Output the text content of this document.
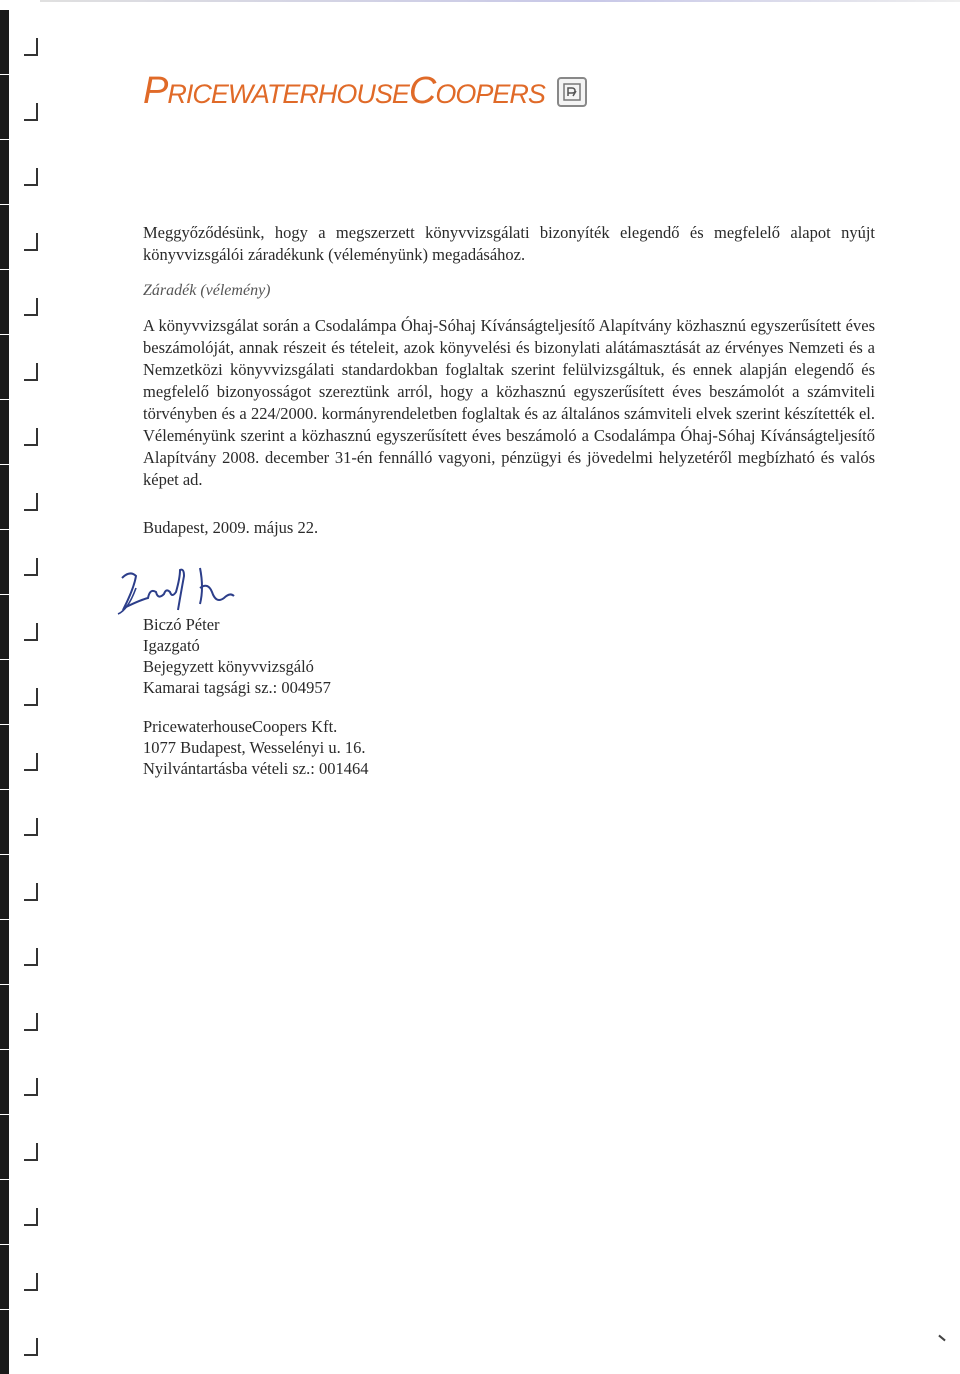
PricewaterhouseCoopers

Meggyőződésünk, hogy a megszerzett könyvvizsgálati bizonyíték elegendő és megfelelő alapot nyújt könyvvizsgálói záradékunk (véleményünk) megadásához.

Záradék (vélemény)

A könyvvizsgálat során a Csodalámpa Óhaj-Sóhaj Kívánságteljesítő Alapítvány közhasznú egyszerűsített éves beszámolóját, annak részeit és tételeit, azok könyvelési és bizonylati alátámasztását az érvényes Nemzeti és a Nemzetközi könyvvizsgálati standardokban foglaltak szerint felülvizsgáltuk, és ennek alapján elegendő és megfelelő bizonyosságot szereztünk arról, hogy a közhasznú egyszerűsített éves beszámolót a számviteli törvényben és a 224/2000. kormányrendeletben foglaltak és az általános számviteli elvek szerint készítették el. Véleményünk szerint a közhasznú egyszerűsített éves beszámoló a Csodalámpa Óhaj-Sóhaj Kívánságteljesítő Alapítvány 2008. december 31-én fennálló vagyoni, pénzügyi és jövedelmi helyzetéről megbízható és valós képet ad.

Budapest, 2009. május 22.

Biczó Péter
Igazgató
Bejegyzett könyvvizsgáló
Kamarai tagsági sz.: 004957
PricewaterhouseCoopers Kft.
1077 Budapest, Wesselényi u. 16.
Nyilvántartásba vételi sz.: 001464
